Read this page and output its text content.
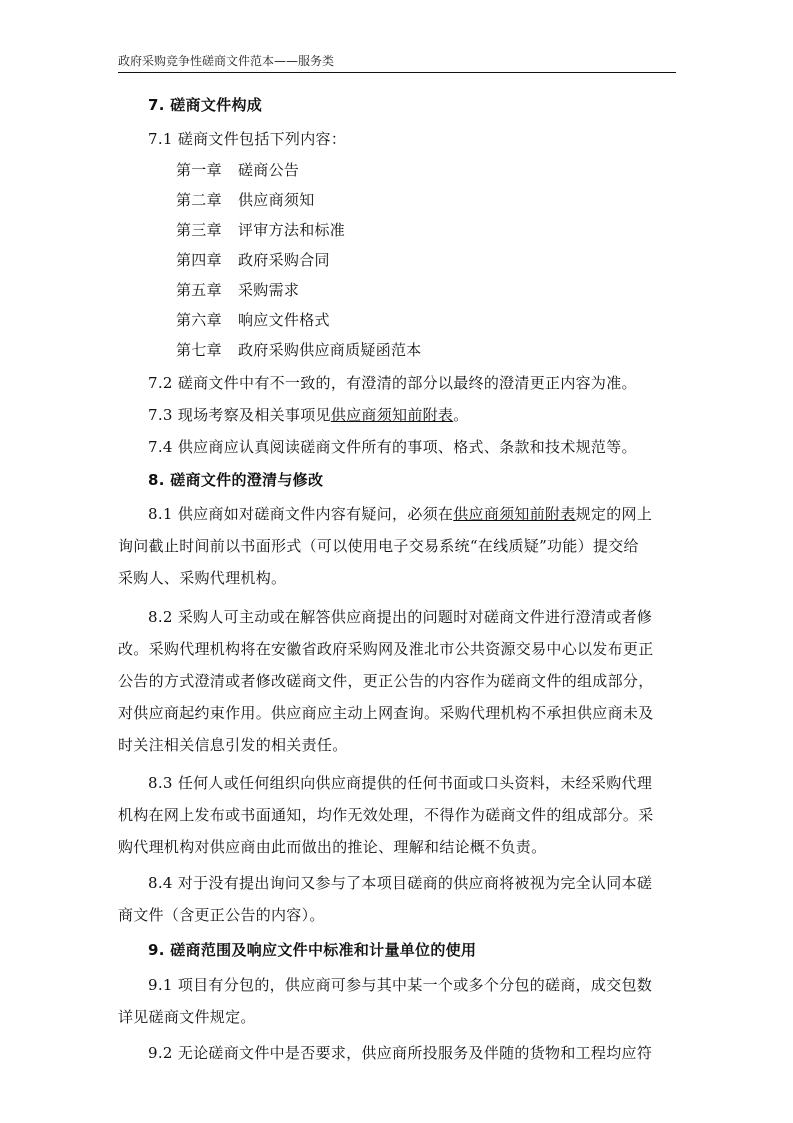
政府采购竞争性磋商文件范本——服务类
7. 磋商文件构成
7.1 磋商文件包括下列内容：
第一章 磋商公告
第二章 供应商须知
第三章 评审方法和标准
第四章 政府采购合同
第五章 采购需求
第六章 响应文件格式
第七章 政府采购供应商质疑函范本
7.2 磋商文件中有不一致的，有澄清的部分以最终的澄清更正内容为准。
7.3 现场考察及相关事项见供应商须知前附表。
7.4 供应商应认真阅读磋商文件所有的事项、格式、条款和技术规范等。
8. 磋商文件的澄清与修改
8.1 供应商如对磋商文件内容有疑问，必须在供应商须知前附表规定的网上
询问截止时间前以书面形式（可以使用电子交易系统“在线质疑”功能）提交给
采购人、采购代理机构。
8.2 采购人可主动或在解答供应商提出的问题时对磋商文件进行澄清或者修
改。采购代理机构将在安徽省政府采购网及淮北市公共资源交易中心以发布更正
公告的方式澄清或者修改磋商文件，更正公告的内容作为磋商文件的组成部分，
对供应商起约束作用。供应商应主动上网查询。采购代理机构不承担供应商未及
时关注相关信息引发的相关责任。
8.3 任何人或任何组织向供应商提供的任何书面或口头资料，未经采购代理
机构在网上发布或书面通知，均作无效处理，不得作为磋商文件的组成部分。采
购代理机构对供应商由此而做出的推论、理解和结论概不负责。
8.4 对于没有提出询问又参与了本项目磋商的供应商将被视为完全认同本磋
商文件（含更正公告的内容）。
9. 磋商范围及响应文件中标准和计量单位的使用
9.1 项目有分包的，供应商可参与其中某一个或多个分包的磋商，成交包数
详见磋商文件规定。
9.2 无论磋商文件中是否要求，供应商所投服务及伴随的货物和工程均应符
